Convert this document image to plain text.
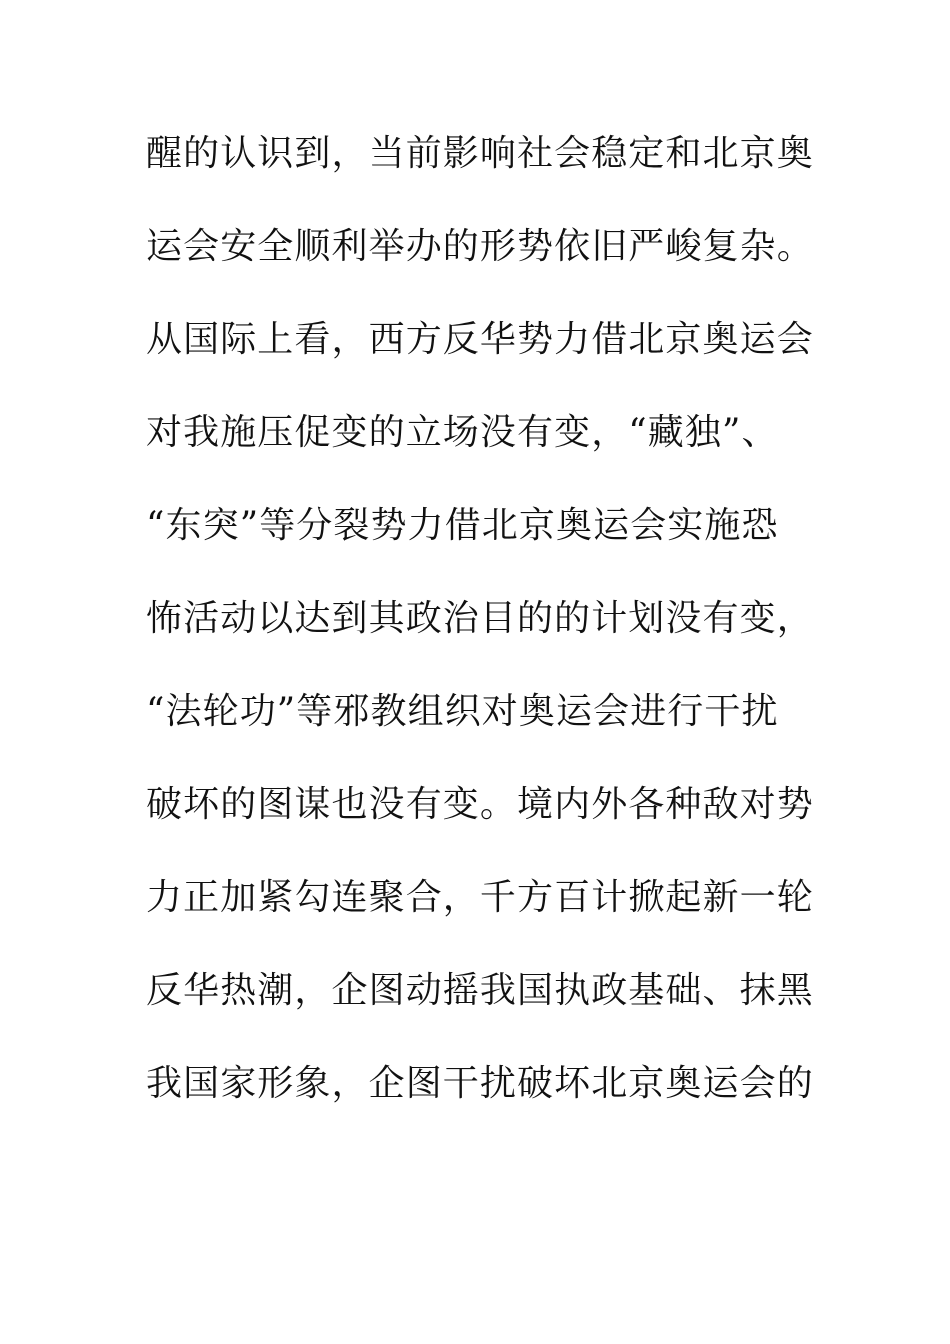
醒的认识到，当前影响社会稳定和北京奥
运会安全顺利举办的形势依旧严峻复杂。
从国际上看，西方反华势力借北京奥运会
对我施压促变的立场没有变，“藏独”、
“东突”等分裂势力借北京奥运会实施恐
怖活动以达到其政治目的的计划没有变，
“法轮功”等邪教组织对奥运会进行干扰
破坏的图谋也没有变。境内外各种敌对势
力正加紧勾连聚合，千方百计掀起新一轮
反华热潮，企图动摇我国执政基础、抹黑
我国家形象，企图干扰破坏北京奥运会的
